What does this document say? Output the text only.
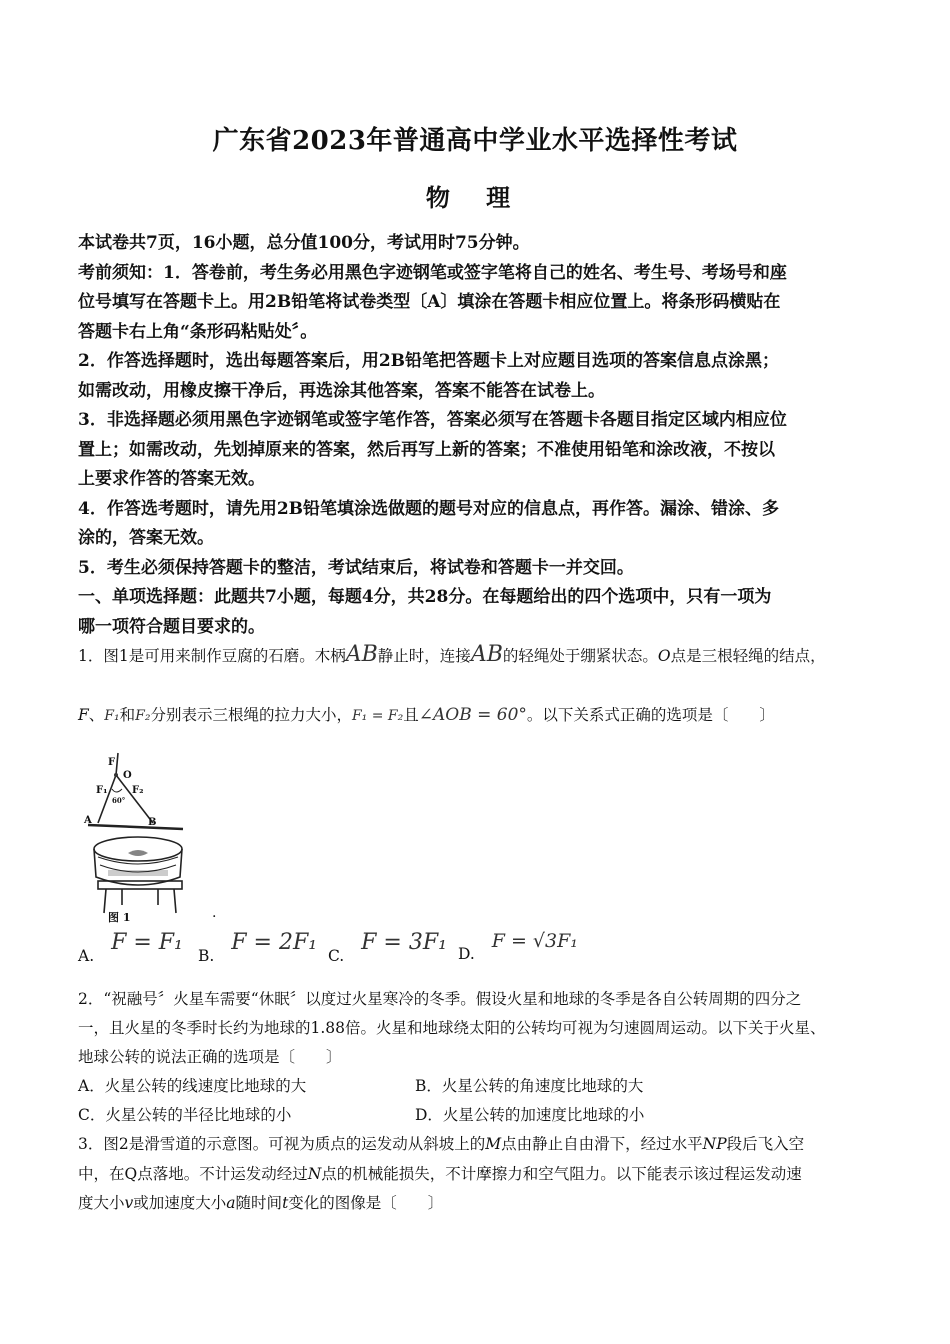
广东省2023年普通高中学业水平选择性考试
物 理
本试卷共7页，16小题，总分值100分，考试用时75分钟。
考前须知：1．答卷前，考生务必用黑色字迹钢笔或签字笔将自己的姓名、考生号、考场号和座
位号填写在答题卡上。用2B铅笔将试卷类型〔A〕填涂在答题卡相应位置上。将条形码横贴在
答题卡右上角“条形码粘贴处〞。
2．作答选择题时，选出每题答案后，用2B铅笔把答题卡上对应题目选项的答案信息点涂黑；
如需改动，用橡皮擦干净后，再选涂其他答案，答案不能答在试卷上。
3．非选择题必须用黑色字迹钢笔或签字笔作答，答案必须写在答题卡各题目指定区域内相应位
置上；如需改动，先划掉原来的答案，然后再写上新的答案；不准使用铅笔和涂改液，不按以
上要求作答的答案无效。
4．作答选考题时，请先用2B铅笔填涂选做题的题号对应的信息点，再作答。漏涂、错涂、多
涂的，答案无效。
5．考生必须保持答题卡的整洁，考试结束后，将试卷和答题卡一并交回。
一、单项选择题：此题共7小题，每题4分，共28分。在每题给出的四个选项中，只有一项为
哪一项符合题目要求的。
1．图1是可用来制作豆腐的石磨。木柄AB静止时，连接AB的轻绳处于绷紧状态。O点是三根轻绳的结点，
F、F₁和F₂分别表示三根绳的拉力大小，F₁ = F₂且∠AOB = 60°。以下关系式正确的选项是〔　　〕
F
O
F₁ F₂
60°
A	B
图 1	.
A. F = F₁
B. F = 2F₁
C. F = 3F₁ D. F = √3F₁
2．“祝融号〞火星车需要“休眠〞以度过火星寒冷的冬季。假设火星和地球的冬季是各自公转周期的四分之
一，且火星的冬季时长约为地球的1.88倍。火星和地球绕太阳的公转均可视为匀速圆周运动。以下关于火星、
地球公转的说法正确的选项是〔　　〕
A．火星公转的线速度比地球的大	B．火星公转的角速度比地球的大
C．火星公转的半径比地球的小	D．火星公转的加速度比地球的小
3．图2是滑雪道的示意图。可视为质点的运发动从斜坡上的M点由静止自由滑下，经过水平NP段后飞入空
中，在Q点落地。不计运发动经过N点的机械能损失，不计摩擦力和空气阻力。以下能表示该过程运发动速
度大小v或加速度大小a随时间t变化的图像是〔　　〕
